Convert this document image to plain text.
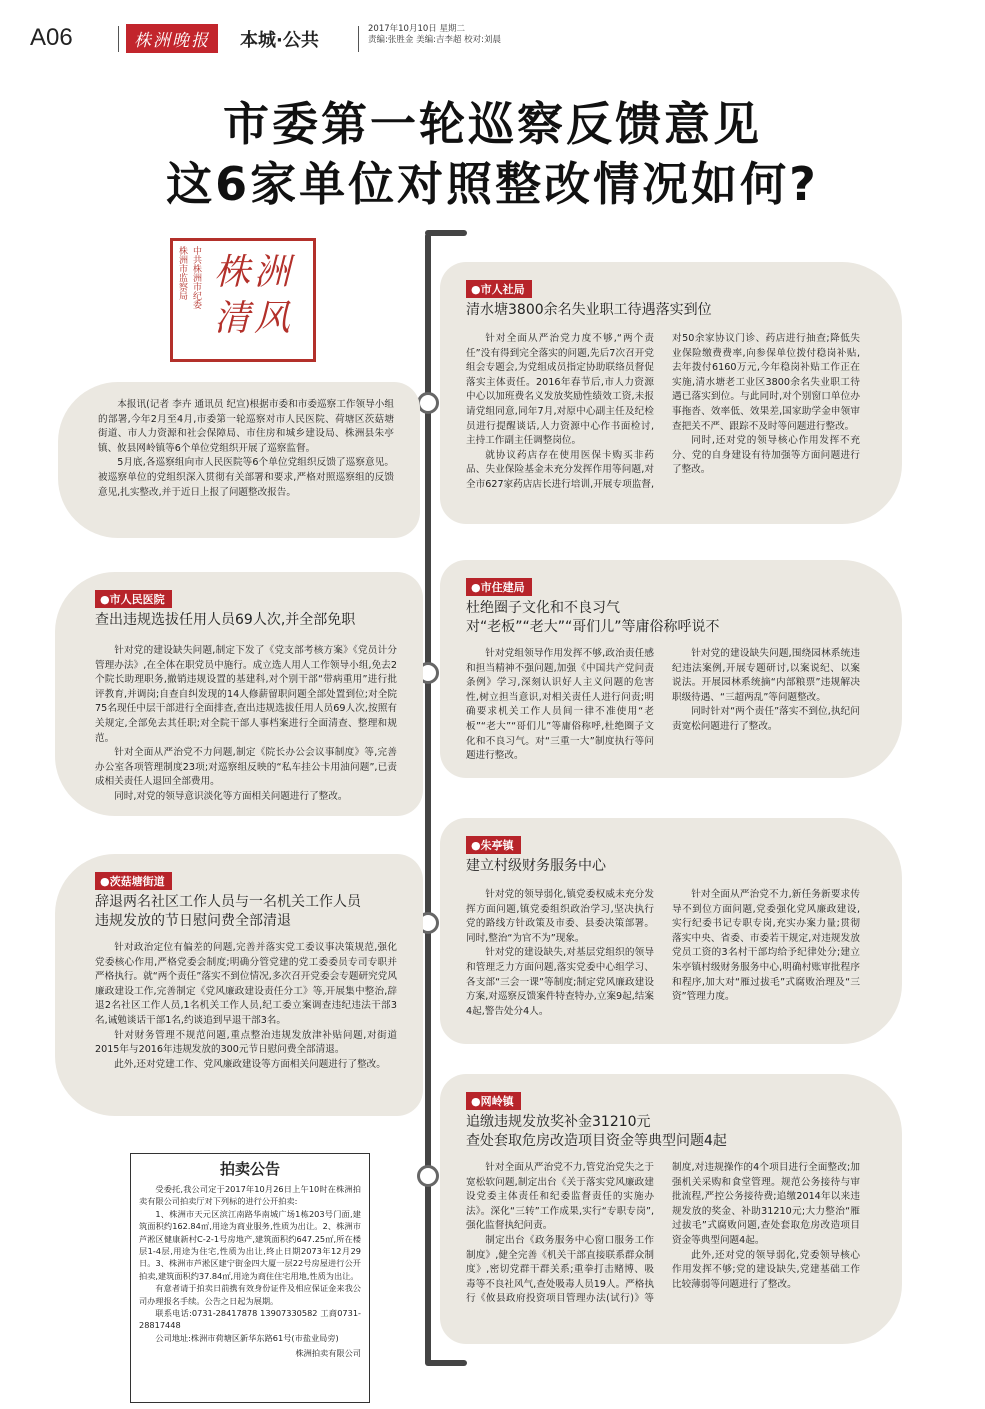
A06	株洲晚报	本城·公共
2017年10月10日 星期二
责编:张胜金 美编:吉李超 校对:刘晨
市委第一轮巡察反馈意见
这6家单位对照整改情况如何?
株洲市监察局 中共株洲市纪委 株洲清风

本报讯(记者 李卉 通讯员 纪宣)根据市委和市委巡察工作领导小组的部署,今年2月至4月,市委第一轮巡察对市人民医院、荷塘区茨菇塘街道、市人力资源和社会保障局、市住房和城乡建设局、株洲县朱亭镇、攸县网岭镇等6个单位党组织开展了巡察监督。

5月底,各巡察组向市人民医院等6个单位党组织反馈了巡察意见。被巡察单位的党组织深入贯彻有关部署和要求,严格对照巡察组的反馈意见,扎实整改,并于近日上报了问题整改报告。

●市人社局
清水塘3800余名失业职工待遇落实到位

针对全面从严治党力度不够,“两个责任”没有得到完全落实的问题,先后7次召开党组会专题会,为党组成员指定协助联络员督促落实主体责任。2016年春节后,市人力资源中心以加班费名义发放奖励性绩效工资,未报请党组同意,同年7月,对原中心副主任及纪检员进行提醒谈话,人力资源中心作书面检讨,主持工作副主任调整岗位。

就协议药店存在使用医保卡购买非药品、失业保险基金未充分发挥作用等问题,对全市627家药店店长进行培训,开展专项监督,对50余家协议门诊、药店进行抽查;降低失业保险缴费费率,向参保单位拨付稳岗补贴,去年拨付6160万元,今年稳岗补贴工作正在实施,清水塘老工业区3800余名失业职工待遇已落实到位。与此同时,对个别窗口单位办事拖沓、效率低、效果差,国家助学金申领审查把关不严、跟踪不及时等问题进行整改。

同时,还对党的领导核心作用发挥不充分、党的自身建设有待加强等方面问题进行了整改。

●市人民医院
查出违规选拔任用人员69人次,并全部免职

针对党的建设缺失问题,制定下发了《党支部考核方案》《党员计分管理办法》,在全体在职党员中施行。成立选人用人工作领导小组,免去2个院长助理职务,撤销违规设置的基建科,对个别干部“带病重用”进行批评教育,并调岗;自查自纠发现的14人修薪留职问题全部处置到位;对全院75名现任中层干部进行全面排查,查出违规选拔任用人员69人次,按照有关规定,全部免去其任职;对全院干部人事档案进行全面清查、整理和规范。

针对全面从严治党不力问题,制定《院长办公会议事制度》等,完善办公室各项管理制度23项;对巡察组反映的“私车挂公卡用油问题”,已责成相关责任人退回全部费用。

同时,对党的领导意识淡化等方面相关问题进行了整改。

●市住建局
杜绝圈子文化和不良习气
对“老板”“老大”“哥们儿”等庸俗称呼说不

针对党组领导作用发挥不够,政治责任感和担当精神不强问题,加强《中国共产党问责条例》学习,深刻认识好人主义问题的危害性,树立担当意识,对相关责任人进行问责;明确要求机关工作人员间一律不准使用“老板”“老大”“哥们儿”等庸俗称呼,杜绝圈子文化和不良习气。对“三重一大”制度执行等问题进行整改。

针对党的建设缺失问题,围绕园林系统违纪违法案例,开展专题研讨,以案说纪、以案说法。开展园林系统摘“内部粮票”违规解决职级待遇、“三超两乱”等问题整改。

同时针对“两个责任”落实不到位,执纪问责宽松问题进行了整改。

●茨菇塘街道
辞退两名社区工作人员与一名机关工作人员
违规发放的节日慰问费全部清退

针对政治定位有偏差的问题,完善并落实党工委议事决策规范,强化党委核心作用,严格党委会制度;明确分管党建的党工委委员专司专职并严格执行。就“两个责任”落实不到位情况,多次召开党委会专题研究党风廉政建设工作,完善制定《党风廉政建设责任分工》等,开展集中整治,辞退2名社区工作人员,1名机关工作人员,纪工委立案调查违纪违法干部3名,诫勉谈话干部1名,约谈追到早退干部3名。

针对财务管理不规范问题,重点整治违规发放津补贴问题,对街道2015年与2016年违规发放的300元节日慰问费全部清退。

此外,还对党建工作、党风廉政建设等方面相关问题进行了整改。

●朱亭镇
建立村级财务服务中心

针对党的领导弱化,镇党委权威未充分发挥方面问题,镇党委组织政治学习,坚决执行党的路线方针政策及市委、县委决策部署。同时,整治“为官不为”现象。

针对党的建设缺失,对基层党组织的领导和管理乏力方面问题,落实党委中心组学习、各支部“三会一课”等制度;制定党风廉政建设方案,对巡察反馈案件特查特办,立案9起,结案4起,警告处分4人。

针对全面从严治党不力,新任务新要求传导不到位方面问题,党委强化党风廉政建设,实行纪委书记专职专岗,充实办案力量;贯彻落实中央、省委、市委若干规定,对违规发放党员工资的3名村干部均给予纪律处分;建立朱亭镇村级财务服务中心,明确村账审批程序和程序,加大对“雁过拔毛”式腐败治理及“三资”管理力度。

●网岭镇
追缴违规发放奖补金31210元
查处套取危房改造项目资金等典型问题4起

针对全面从严治党不力,管党治党失之于宽松软问题,制定出台《关于落实党风廉政建设党委主体责任和纪委监督责任的实施办法》。深化“三转”工作成果,实行“专职专岗”,强化监督执纪问责。

制定出台《政务服务中心窗口服务工作制度》,健全完善《机关干部直接联系群众制度》,密切党群干群关系;重拳打击赌博、吸毒等不良社风气,查处吸毒人员19人。严格执行《攸县政府投资项目管理办法(试行)》等制度,对违规操作的4个项目进行全面整改;加强机关采购和食堂管理。规范公务接待与审批流程,严控公务接待费;追缴2014年以来违规发放的奖金、补助31210元;大力整治“雁过拔毛”式腐败问题,查处套取危房改造项目资金等典型问题4起。

此外,还对党的领导弱化,党委领导核心作用发挥不够;党的建设缺失,党建基础工作比较薄弱等问题进行了整改。

拍卖公告

受委托,我公司定于2017年10月26日上午10时在株洲拍卖有限公司拍卖厅对下列标的进行公开拍卖:

1、株洲市天元区滨江南路华南城广场1栋203号门面,建筑面积约162.84㎡,用途为商业服务,性质为出让。2、株洲市芦淞区健康新村C-2-1号房地产,建筑面积约647.25㎡,所在楼层1-4层,用途为住宅,性质为出让,终止日期2073年12月29日。3、株洲市芦淞区建宁街金四大厦一层22号房屋进行公开拍卖,建筑面积约37.84㎡,用途为商住住宅用地,性质为出让。

有意者请于拍卖日前携有效身份证件及相应保证金来我公司办理报名手续。公告之日起为展期。

联系电话:0731-28417878 13907330582 工商0731-28817448

公司地址:株洲市荷塘区新华东路61号(市盐业局旁)

株洲拍卖有限公司
